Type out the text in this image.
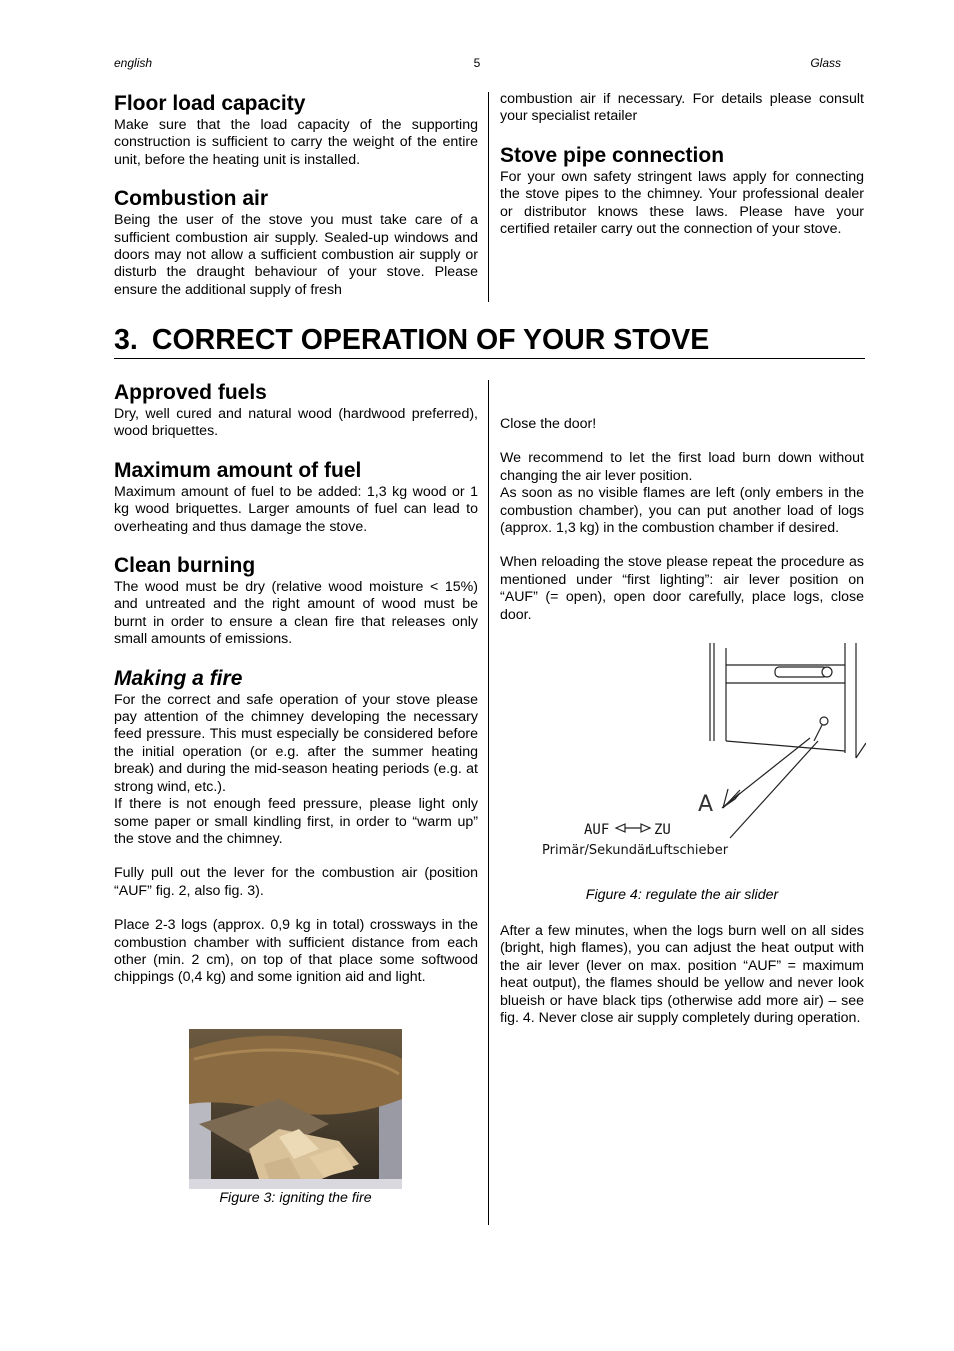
english	5	Glass
Floor load capacity

Make sure that the load capacity of the supporting construction is sufficient to carry the weight of the entire unit, before the heating unit is installed.

Combustion air

Being the user of the stove you must take care of a sufficient combustion air supply. Sealed-up windows and doors may not allow a sufficient combustion air supply or disturb the draught behaviour of your stove. Please ensure the additional supply of fresh

combustion air if necessary. For details please consult your specialist retailer

Stove pipe connection

For your own safety stringent laws apply for connecting the stove pipes to the chimney. Your professional dealer or distributor knows these laws. Please have your certified retailer carry out the connection of your stove.

3. CORRECT OPERATION OF YOUR STOVE
Approved fuels

Dry, well cured and natural wood (hardwood preferred), wood briquettes.

Maximum amount of fuel

Maximum amount of fuel to be added: 1,3 kg wood or 1 kg wood briquettes. Larger amounts of fuel can lead to overheating and thus damage the stove.

Clean burning

The wood must be dry (relative wood moisture < 15%) and untreated and the right amount of wood must be burnt in order to ensure a clean fire that releases only small amounts of emissions.

Making a fire

For the correct and safe operation of your stove please pay attention of the chimney developing the necessary feed pressure. This must especially be considered before the initial operation (or e.g. after the summer heating break) and during the mid-season heating periods (e.g. at strong wind, etc.).

If there is not enough feed pressure, please light only some paper or small kindling first, in order to “warm up” the stove and the chimney.

Fully pull out the lever for the combustion air (position “AUF” fig. 2, also fig. 3).

Place 2-3 logs (approx. 0,9 kg in total) crossways in the combustion chamber with sufficient distance from each other (min. 2 cm), on top of that place some softwood chippings (0,4 kg) and some ignition aid and light.

Figure 3: igniting the fire

Close the door!

We recommend to let the first load burn down without changing the air lever position.

As soon as no visible flames are left (only embers in the combustion chamber), you can put another load of logs (approx. 1,3 kg) in the combustion chamber if desired.

When reloading the stove please repeat the procedure as mentioned under “first lighting”: air lever position on “AUF” (= open), open door carefully, place logs, close door.

A
AUF	ZU
Primär/Sekundär
Luftschieber
Figure 4: regulate the air slider

After a few minutes, when the logs burn well on all sides (bright, high flames), you can adjust the heat output with the air lever (lever on max. position “AUF” = maximum heat output), the flames should be yellow and never look blueish or have black tips (otherwise add more air) – see fig. 4. Never close air supply completely during operation.
